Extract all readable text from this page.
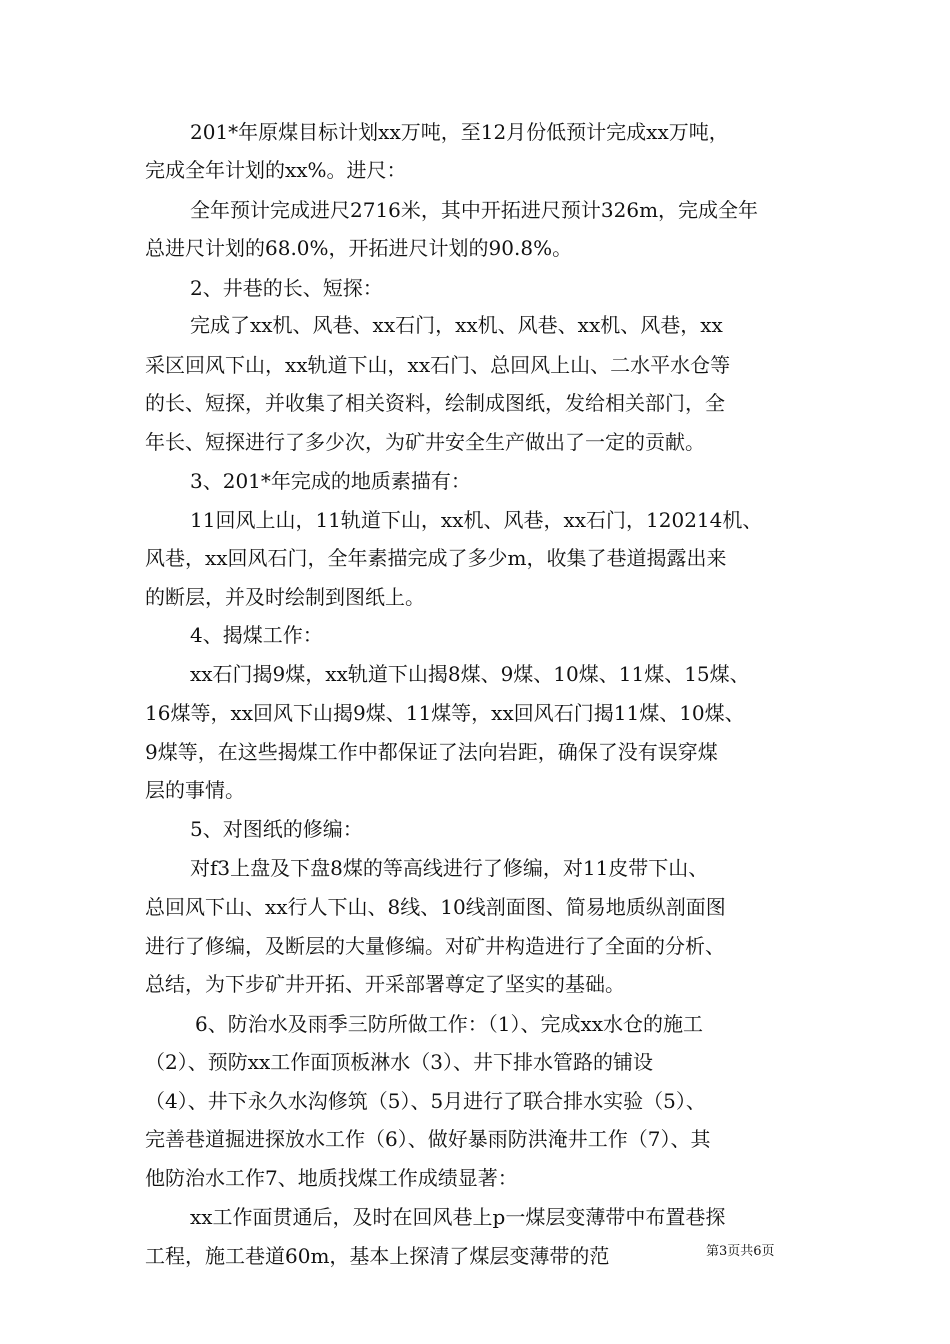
201*年原煤目标计划xx万吨，至12月份低预计完成xx万吨，
完成全年计划的xx%。进尺：
全年预计完成进尺2716米，其中开拓进尺预计326m，完成全年
总进尺计划的68.0%，开拓进尺计划的90.8%。
2、井巷的长、短探：
完成了xx机、风巷、xx石门，xx机、风巷、xx机、风巷，xx
采区回风下山，xx轨道下山，xx石门、总回风上山、二水平水仓等
的长、短探，并收集了相关资料，绘制成图纸，发给相关部门，全
年长、短探进行了多少次，为矿井安全生产做出了一定的贡献。
3、201*年完成的地质素描有：
11回风上山，11轨道下山，xx机、风巷，xx石门，120214机、
风巷，xx回风石门，全年素描完成了多少m，收集了巷道揭露出来
的断层，并及时绘制到图纸上。
4、揭煤工作：
xx石门揭9煤，xx轨道下山揭8煤、9煤、10煤、11煤、15煤、
16煤等，xx回风下山揭9煤、11煤等，xx回风石门揭11煤、10煤、
9煤等，在这些揭煤工作中都保证了法向岩距，确保了没有误穿煤
层的事情。
5、对图纸的修编：
对f3上盘及下盘8煤的等高线进行了修编，对11皮带下山、
总回风下山、xx行人下山、8线、10线剖面图、简易地质纵剖面图
进行了修编，及断层的大量修编。对矿井构造进行了全面的分析、
总结，为下步矿井开拓、开采部署尊定了坚实的基础。
6、防治水及雨季三防所做工作：（1）、完成xx水仓的施工
（2）、预防xx工作面顶板淋水（3）、井下排水管路的铺设
（4）、井下永久水沟修筑（5）、5月进行了联合排水实验（5）、
完善巷道掘进探放水工作（6）、做好暴雨防洪淹井工作（7）、其
他防治水工作7、地质找煤工作成绩显著：
xx工作面贯通后，及时在回风巷上p一煤层变薄带中布置巷探
工程，施工巷道60m，基本上探清了煤层变薄带的范	第3页共6页
